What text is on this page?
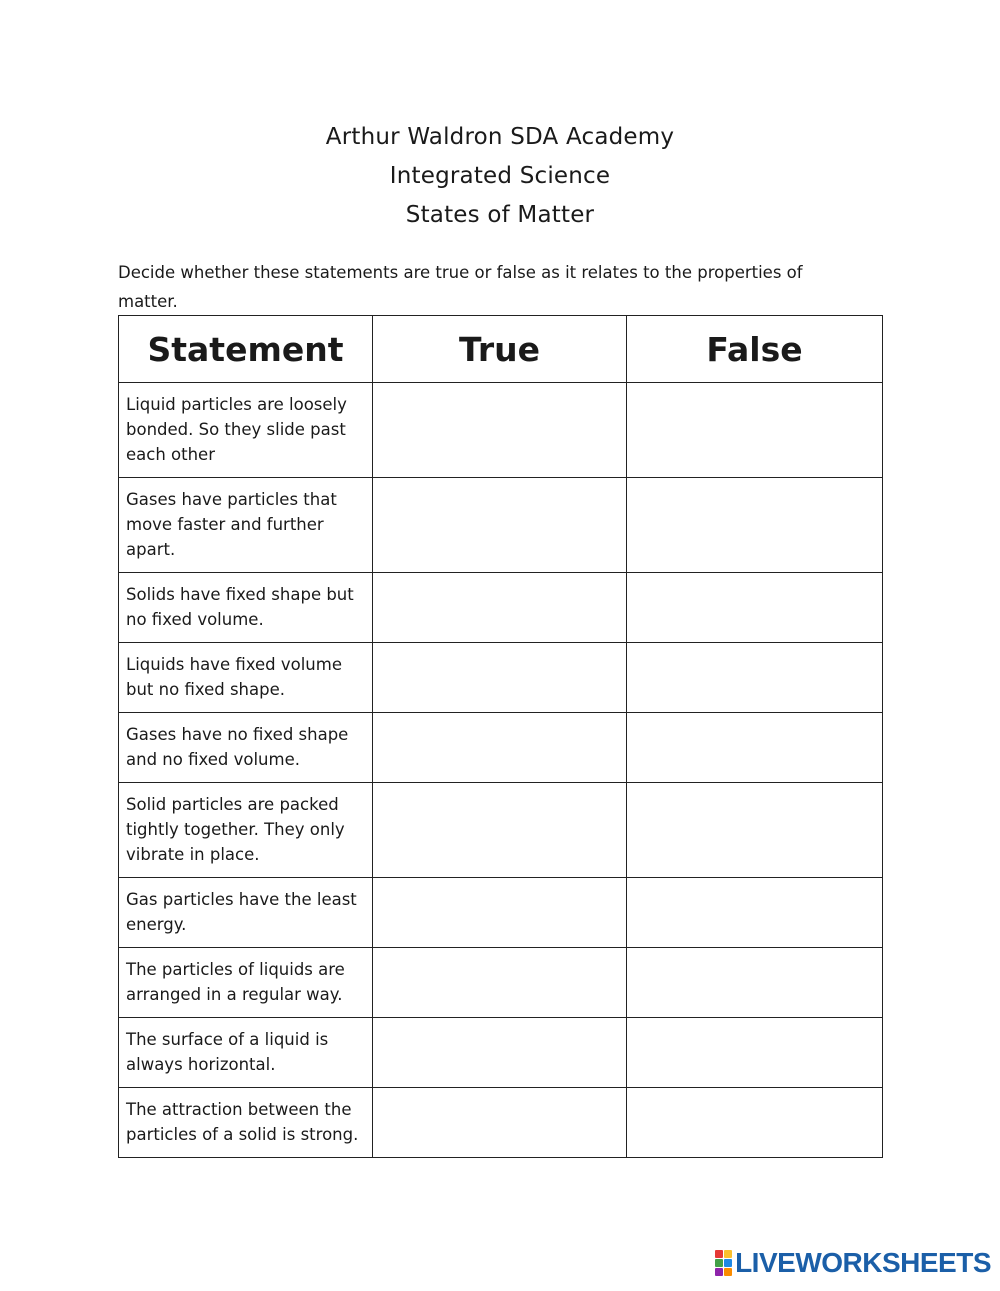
Arthur Waldron SDA Academy
Integrated Science
States of Matter
Decide whether these statements are true or false as it relates to the properties of matter.
Statement	True	False
Liquid particles are loosely bonded. So they slide past each other		
Gases have particles that move faster and further apart.		
Solids have fixed shape but no fixed volume.		
Liquids have fixed volume but no fixed shape.		
Gases have no fixed shape and no fixed volume.		
Solid particles are packed tightly together. They only vibrate in place.		
Gas particles have the least energy.		
The particles of liquids are arranged in a regular way.		
The surface of a liquid is always horizontal.		
The attraction between the particles of a solid is strong.		
LIVEWORKSHEETS
